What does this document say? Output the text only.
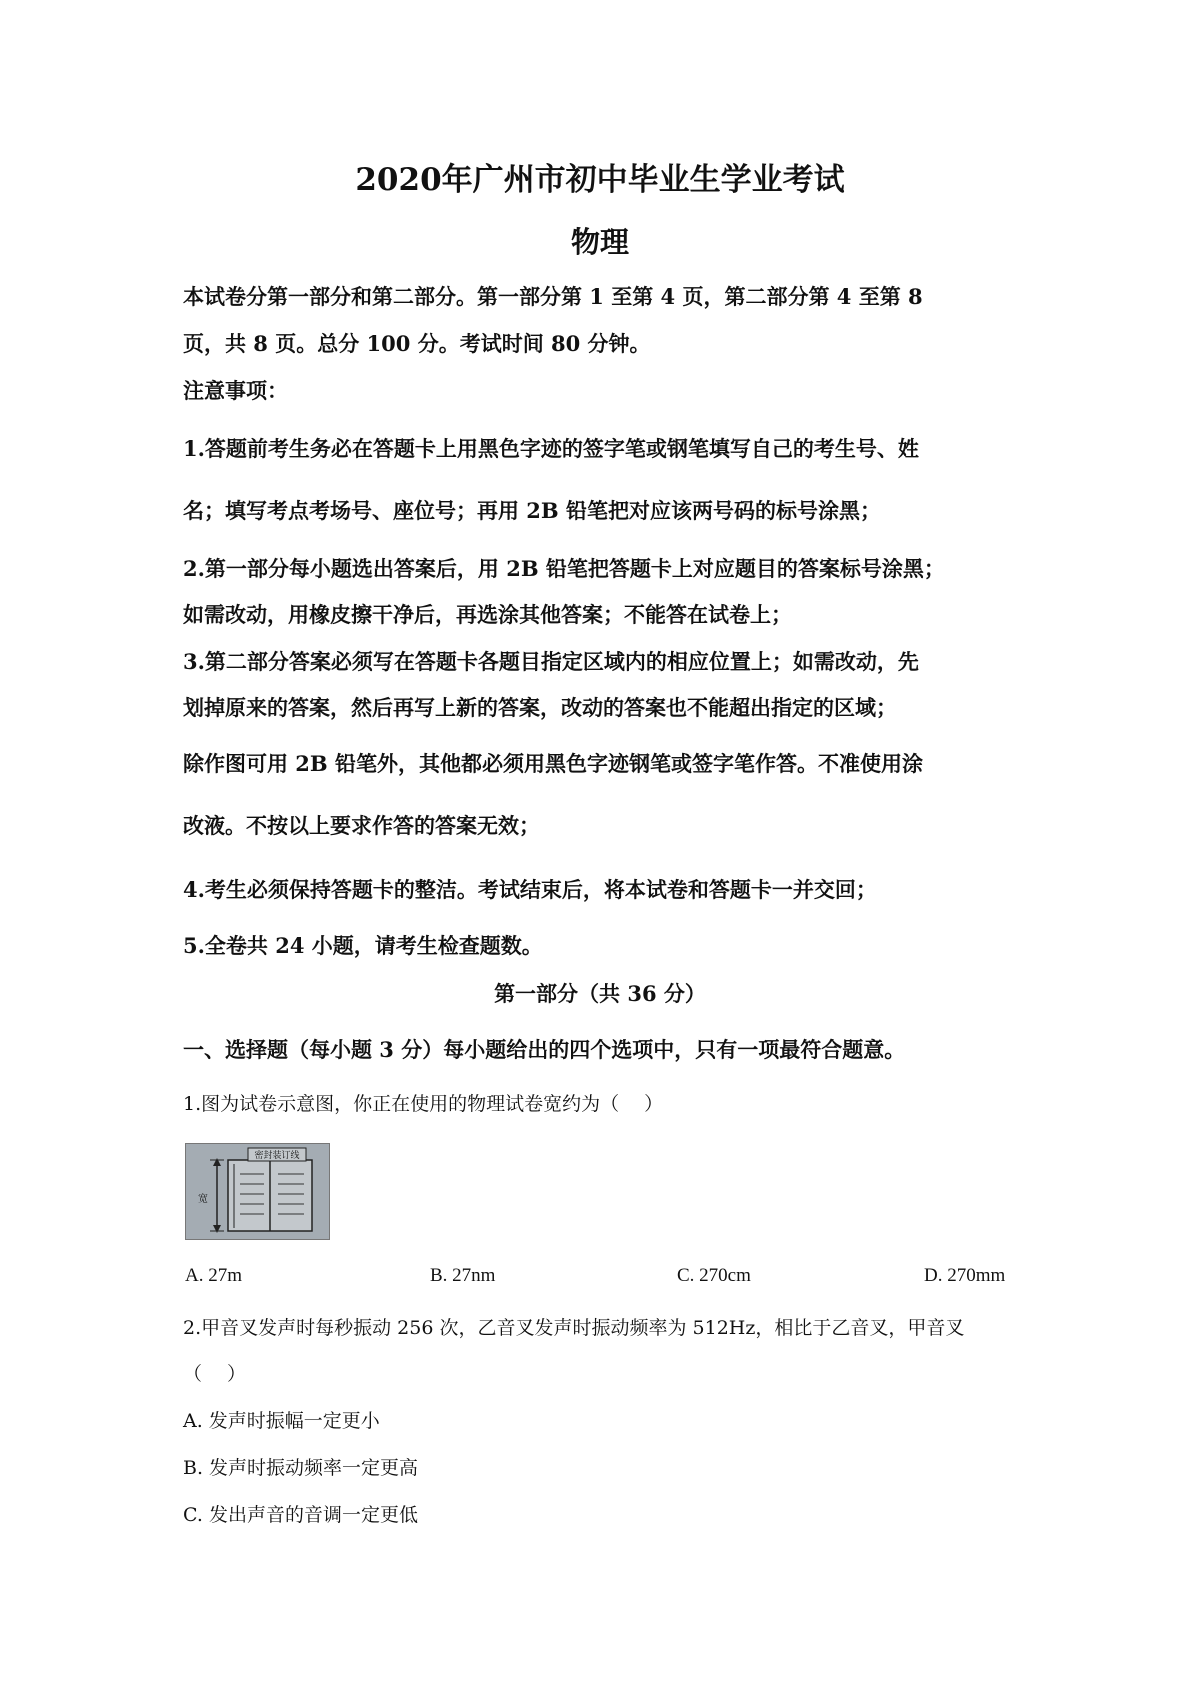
2020年广州市初中毕业生学业考试
物理
本试卷分第一部分和第二部分。第一部分第 1 至第 4 页，第二部分第 4 至第 8
页，共 8 页。总分 100 分。考试时间 80 分钟。
注意事项：
1.答题前考生务必在答题卡上用黑色字迹的签字笔或钢笔填写自己的考生号、姓
名；填写考点考场号、座位号；再用 2B 铅笔把对应该两号码的标号涂黑；
2.第一部分每小题选出答案后，用 2B 铅笔把答题卡上对应题目的答案标号涂黑；
如需改动，用橡皮擦干净后，再选涂其他答案；不能答在试卷上；
3.第二部分答案必须写在答题卡各题目指定区域内的相应位置上；如需改动，先
划掉原来的答案，然后再写上新的答案，改动的答案也不能超出指定的区域；
除作图可用 2B 铅笔外，其他都必须用黑色字迹钢笔或签字笔作答。不准使用涂
改液。不按以上要求作答的答案无效；
4.考生必须保持答题卡的整洁。考试结束后，将本试卷和答题卡一并交回；
5.全卷共 24 小题，请考生检查题数。
第一部分（共 36 分）
一、选择题（每小题 3 分）每小题给出的四个选项中，只有一项最符合题意。
1.图为试卷示意图，你正在使用的物理试卷宽约为（　 ）
密封装订线
宽
A. 27m	B. 27nm	C. 270cm	D. 270mm
2.甲音叉发声时每秒振动 256 次，乙音叉发声时振动频率为 512Hz，相比于乙音叉，甲音叉
（　 ）
A. 发声时振幅一定更小
B. 发声时振动频率一定更高
C. 发出声音的音调一定更低
